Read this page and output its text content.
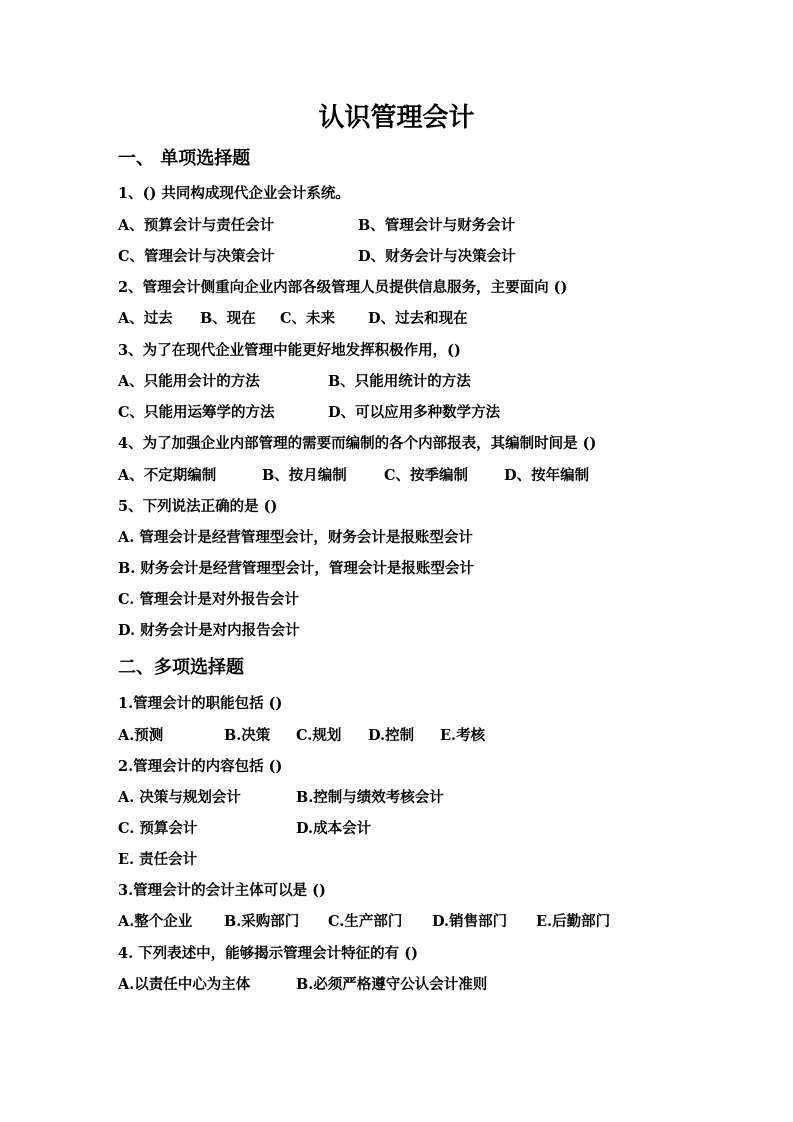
认识管理会计
一、 单项选择题
1、() 共同构成现代企业会计系统。
A、预算会计与责任会计	B、管理会计与财务会计
C、管理会计与决策会计	D、财务会计与决策会计
2、管理会计侧重向企业内部各级管理人员提供信息服务，主要面向 ()
A、过去 B、现在 C、未来 D、过去和现在
3、为了在现代企业管理中能更好地发挥积极作用，()
A、只能用会计的方法	B、只能用统计的方法
C、只能用运筹学的方法	D、可以应用多种数学方法
4、为了加强企业内部管理的需要而编制的各个内部报表，其编制时间是 ()
A、不定期编制	B、按月编制	C、按季编制 D、按年编制
5、下列说法正确的是 ()
A. 管理会计是经营管理型会计，财务会计是报账型会计
B. 财务会计是经营管理型会计，管理会计是报账型会计
C. 管理会计是对外报告会计
D. 财务会计是对内报告会计
二、多项选择题
1.管理会计的职能包括 ()
A.预测	B.决策 C.规划 D.控制 E.考核
2.管理会计的内容包括 ()
A. 决策与规划会计	B.控制与绩效考核会计
C. 预算会计	D.成本会计
E. 责任会计
3.管理会计的会计主体可以是 ()
A.整个企业 B.采购部门 C.生产部门 D.销售部门 E.后勤部门
4. 下列表述中，能够揭示管理会计特征的有 ()
A.以责任中心为主体	B.必须严格遵守公认会计准则
